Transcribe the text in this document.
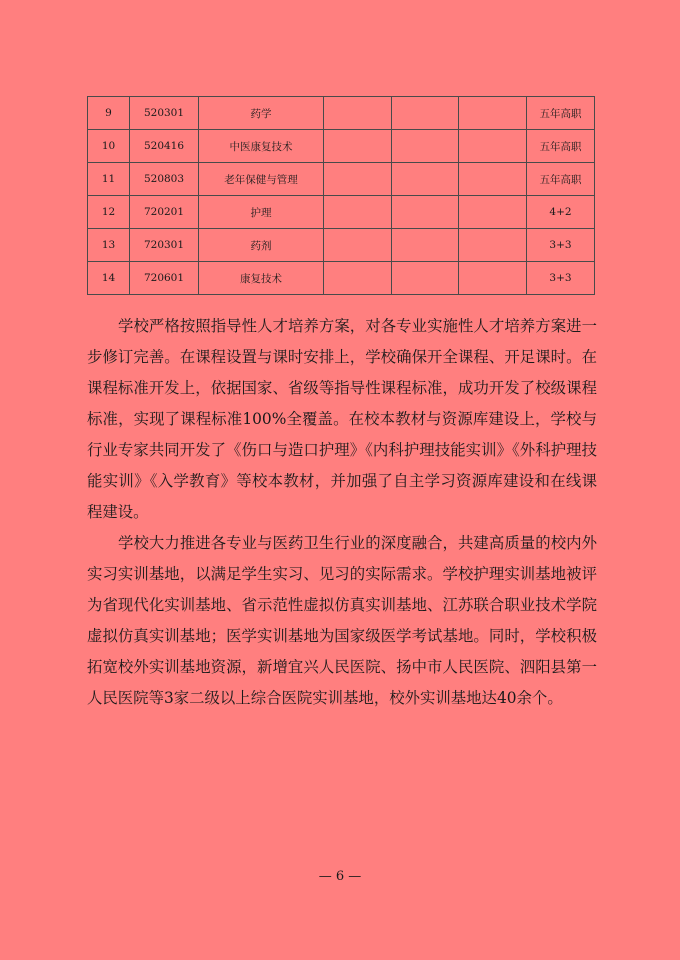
9	520301	药学				五年高职
10	520416	中医康复技术				五年高职
11	520803	老年保健与管理				五年高职
12	720201	护理				4+2
13	720301	药剂				3+3
14	720601	康复技术				3+3

学校严格按照指导性人才培养方案，对各专业实施性人才培养方案进一步修订完善。在课程设置与课时安排上，学校确保开全课程、开足课时。在课程标准开发上，依据国家、省级等指导性课程标准，成功开发了校级课程标准，实现了课程标准100%全覆盖。在校本教材与资源库建设上，学校与行业专家共同开发了《伤口与造口护理》《内科护理技能实训》《外科护理技能实训》《入学教育》等校本教材，并加强了自主学习资源库建设和在线课程建设。

学校大力推进各专业与医药卫生行业的深度融合，共建高质量的校内外实习实训基地，以满足学生实习、见习的实际需求。学校护理实训基地被评为省现代化实训基地、省示范性虚拟仿真实训基地、江苏联合职业技术学院虚拟仿真实训基地；医学实训基地为国家级医学考试基地。同时，学校积极拓宽校外实训基地资源，新增宜兴人民医院、扬中市人民医院、泗阳县第一人民医院等3家二级以上综合医院实训基地，校外实训基地达40余个。

— 6 —
